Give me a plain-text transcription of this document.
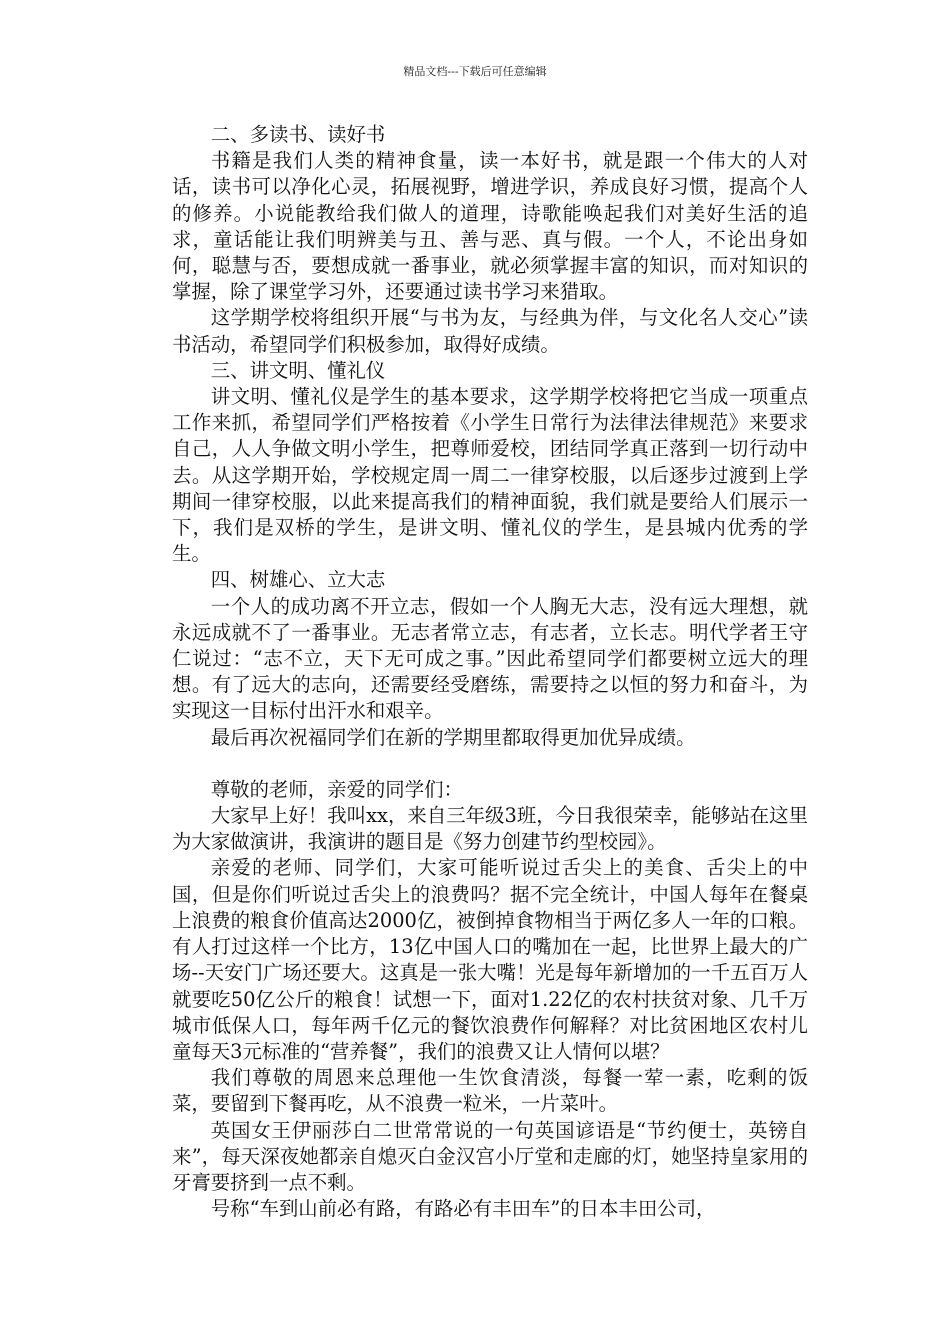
精品文档---下载后可任意编辑

二、多读书、读好书

书籍是我们人类的精神食量，读一本好书，就是跟一个伟大的人对话，读书可以净化心灵，拓展视野，增进学识，养成良好习惯，提高个人的修养。小说能教给我们做人的道理，诗歌能唤起我们对美好生活的追求，童话能让我们明辨美与丑、善与恶、真与假。一个人，不论出身如何，聪慧与否，要想成就一番事业，就必须掌握丰富的知识，而对知识的掌握，除了课堂学习外，还要通过读书学习来猎取。

这学期学校将组织开展“与书为友，与经典为伴，与文化名人交心”读书活动，希望同学们积极参加，取得好成绩。

三、讲文明、懂礼仪

讲文明、懂礼仪是学生的基本要求，这学期学校将把它当成一项重点工作来抓，希望同学们严格按着《小学生日常行为法律法律规范》来要求自己，人人争做文明小学生，把尊师爱校，团结同学真正落到一切行动中去。从这学期开始，学校规定周一周二一律穿校服，以后逐步过渡到上学期间一律穿校服，以此来提高我们的精神面貌，我们就是要给人们展示一下，我们是双桥的学生，是讲文明、懂礼仪的学生，是县城内优秀的学生。

四、树雄心、立大志

一个人的成功离不开立志，假如一个人胸无大志，没有远大理想，就永远成就不了一番事业。无志者常立志，有志者，立长志。明代学者王守仁说过：“志不立，天下无可成之事。”因此希望同学们都要树立远大的理想。有了远大的志向，还需要经受磨练，需要持之以恒的努力和奋斗，为实现这一目标付出汗水和艰辛。

最后再次祝福同学们在新的学期里都取得更加优异成绩。

尊敬的老师，亲爱的同学们：

大家早上好！我叫xx，来自三年级3班，今日我很荣幸，能够站在这里为大家做演讲，我演讲的题目是《努力创建节约型校园》。

亲爱的老师、同学们，大家可能听说过舌尖上的美食、舌尖上的中国，但是你们听说过舌尖上的浪费吗？据不完全统计，中国人每年在餐桌上浪费的粮食价值高达2000亿，被倒掉食物相当于两亿多人一年的口粮。有人打过这样一个比方，13亿中国人口的嘴加在一起，比世界上最大的广场--天安门广场还要大。这真是一张大嘴！光是每年新增加的一千五百万人就要吃50亿公斤的粮食！试想一下，面对1.22亿的农村扶贫对象、几千万城市低保人口，每年两千亿元的餐饮浪费作何解释？对比贫困地区农村儿童每天3元标准的“营养餐”，我们的浪费又让人情何以堪？

我们尊敬的周恩来总理他一生饮食清淡，每餐一荤一素，吃剩的饭菜，要留到下餐再吃，从不浪费一粒米，一片菜叶。

英国女王伊丽莎白二世常常说的一句英国谚语是“节约便士，英镑自来”，每天深夜她都亲自熄灭白金汉宫小厅堂和走廊的灯，她坚持皇家用的牙膏要挤到一点不剩。

号称“车到山前必有路，有路必有丰田车”的日本丰田公司，
